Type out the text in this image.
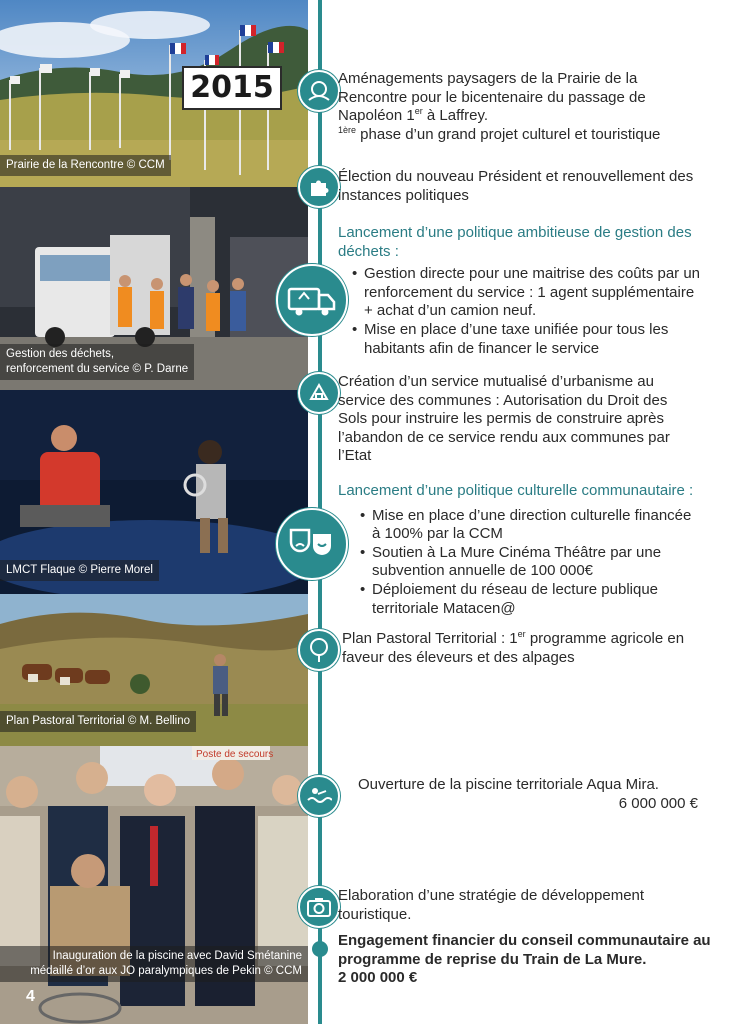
Prairie de la Rencontre © CCM
Gestion des déchets,
renforcement du service © P. Darne
LMCT Flaque © Pierre Morel
Plan Pastoral Territorial © M. Bellino
Poste de secours
Inauguration de la piscine avec David Smétanine
médaillé d’or aux JO paralympiques de Pekin © CCM
4
2015	Aménagements paysagers de la Prairie de la
Rencontre pour le bicentenaire du passage de
Napoléon 1er à Laffrey.
$^{1ère}$ phase d’un grand projet culturel et touristique
Élection du nouveau Président et renouvellement des
instances politiques
Lancement d’une politique ambitieuse de gestion des
déchets :
• Gestion directe pour une maitrise des coûts par un
renforcement du service : 1 agent supplémentaire
+ achat d’un camion neuf.
• Mise en place d’une taxe unifiée pour tous les
habitants afin de financer le service
Création d’un service mutualisé d’urbanisme au
service des communes : Autorisation du Droit des
Sols pour instruire les permis de construire après
l’abandon de ce service rendu aux communes par
l’Etat
Lancement d’une politique culturelle communautaire :
• Mise en place d’une direction culturelle financée
à 100% par la CCM
• Soutien à La Mure Cinéma Théâtre par une
subvention annuelle de 100 000€
• Déploiement du réseau de lecture publique
territoriale Matacen@
Plan Pastoral Territorial : 1er programme agricole en
faveur des éleveurs et des alpages
Ouverture de la piscine territoriale Aqua Mira.
6 000 000 €
Elaboration d’une stratégie de développement
touristique.
Engagement financier du conseil communautaire au
programme de reprise du Train de La Mure.
2 000 000 €
